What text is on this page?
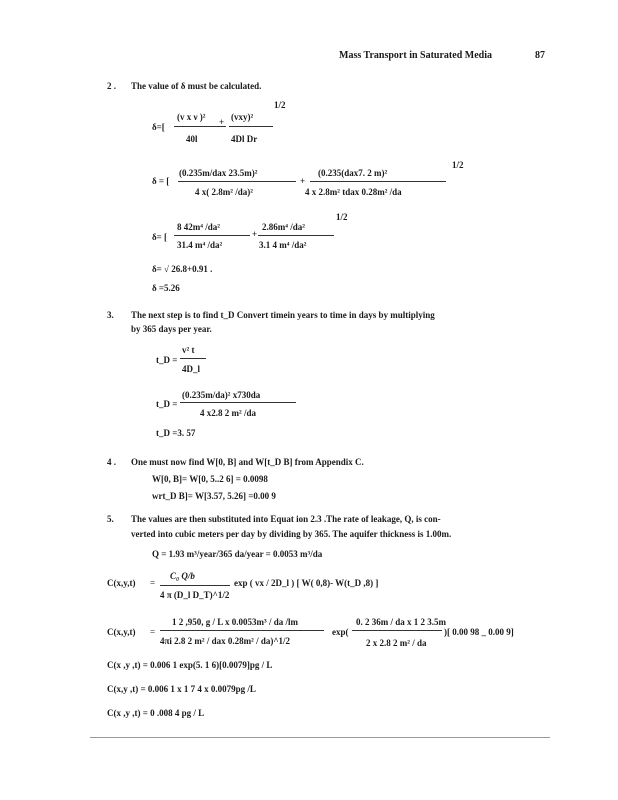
Mass Transport in Saturated Media	87
2 . The value of δ must be calculated.
δ=[
(v x ν )²
40l
+ (vxy)²
4Dl Dr
1/2
δ = [
(0.235m/dax 23.5m)²
4 x( 2.8m² /da)²
+
(0.235(dax7. 2 m)²
4 x 2.8m² tdax 0.28m² /da
1/2
δ= [
8 42m⁴ /da²
31.4 m⁴ /da²
+
2.86m⁴ /da²
3.1 4 m⁴ /da²
1/2
δ= √ 26.8+0.91 .
δ =5.26
3. The next step is to find t_D Convert timein years to time in days by multiplying
by 365 days per year.
t_D =
v² t
4D_l
t_D =
(0.235m/da)² x730da
4 x2.8 2 m² /da
t_D =3. 57
4 . One must now find W[0, B] and W[t_D B] from Appendix C.
W[0, B]= W[0, 5..2 6] = 0.0098
wrt_D B]= W[3.57, 5.26] =0.00 9
5. The values are then substituted into Equat ion 2.3 .The rate of leakage, Q, is con-
verted into cubic meters per day by dividing by 365. The aquifer thickness is 1.00m.
Q = 1.93 m³/year/365 da/year = 0.0053 m³/da
C(x,y,t) =
C₀ Q/b
4 π (D_l D_T)^1/2
exp ( vx / 2D_l ) [ W( 0,8)- W(t_D ,8) ]
C(x,y,t) =
1 2 ,950, g / L x 0.0053m³ / da /lm
4πi 2.8 2 m² / dax 0.28m² / da)^1/2
exp(
0. 2 36m / da x 1 2 3.5m
2 x 2.8 2 m² / da
)[ 0.00 98 _ 0.00 9]
C(x ,y ,t) = 0.006 1 exp(5. 1 6)[0.0079]pg / L
C(x,y ,t) = 0.006 1 x 1 7 4 x 0.0079pg /L
C(x ,y ,t) = 0 .008 4 pg / L
